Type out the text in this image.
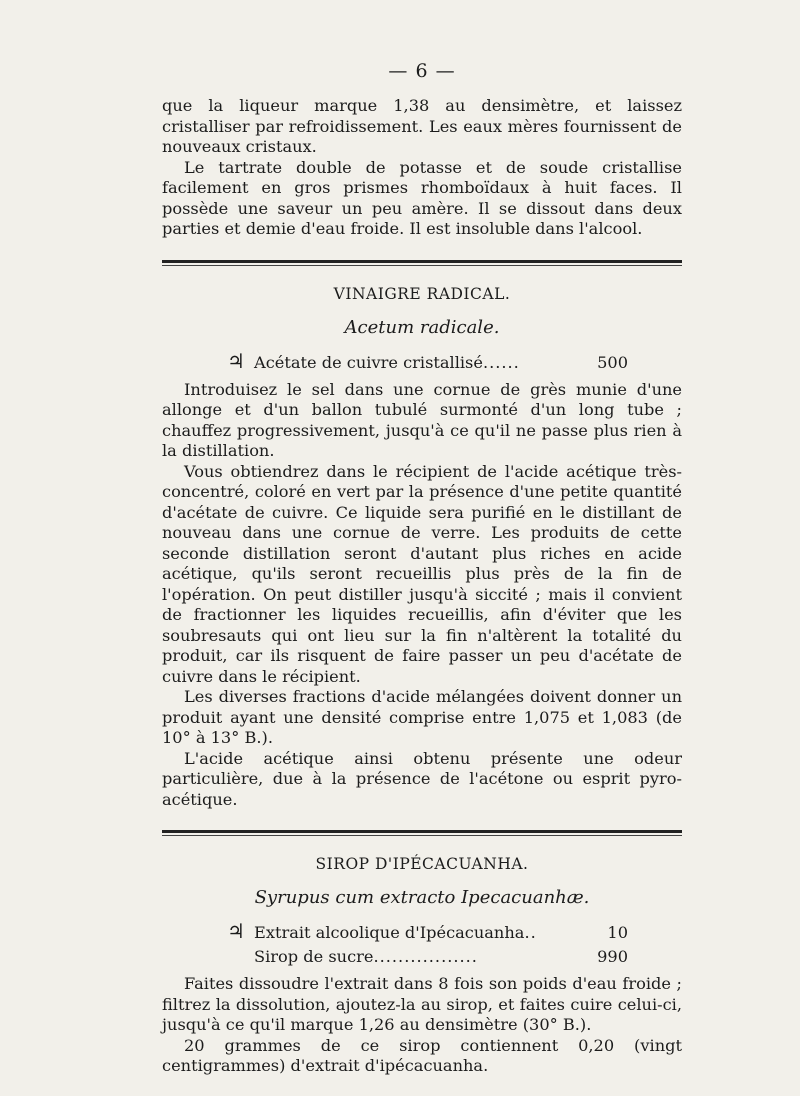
— 6 —

que la liqueur marque 1,38 au densimètre, et laissez cristalliser par refroidissement. Les eaux mères fournissent de nouveaux cristaux.

Le tartrate double de potasse et de soude cristallise facilement en gros prismes rhomboïdaux à huit faces. Il possède une saveur un peu amère. Il se dissout dans deux parties et demie d'eau froide. Il est insoluble dans l'alcool.

VINAIGRE RADICAL.
Acetum radicale.
♃ Acétate de cuivre cristallisé ......	500

Introduisez le sel dans une cornue de grès munie d'une allonge et d'un ballon tubulé surmonté d'un long tube ; chauffez progressivement, jusqu'à ce qu'il ne passe plus rien à la distillation.

Vous obtiendrez dans le récipient de l'acide acétique très-concentré, coloré en vert par la présence d'une petite quantité d'acétate de cuivre. Ce liquide sera purifié en le distillant de nouveau dans une cornue de verre. Les produits de cette seconde distillation seront d'autant plus riches en acide acétique, qu'ils seront recueillis plus près de la fin de l'opération. On peut distiller jusqu'à siccité ; mais il convient de fractionner les liquides recueillis, afin d'éviter que les soubresauts qui ont lieu sur la fin n'altèrent la totalité du produit, car ils risquent de faire passer un peu d'acétate de cuivre dans le récipient.

Les diverses fractions d'acide mélangées doivent donner un produit ayant une densité comprise entre 1,075 et 1,083 (de 10° à 13° B.).

L'acide acétique ainsi obtenu présente une odeur particulière, due à la présence de l'acétone ou esprit pyro-acétique.

SIROP D'IPÉCACUANHA.
Syrupus cum extracto Ipecacuanhæ.
♃ Extrait alcoolique d'Ipécacuanha ..	10
Sirop de sucre .................	990

Faites dissoudre l'extrait dans 8 fois son poids d'eau froide ; filtrez la dissolution, ajoutez-la au sirop, et faites cuire celui-ci, jusqu'à ce qu'il marque 1,26 au densimètre (30° B.).

20 grammes de ce sirop contiennent 0,20 (vingt centigrammes) d'extrait d'ipécacuanha.
